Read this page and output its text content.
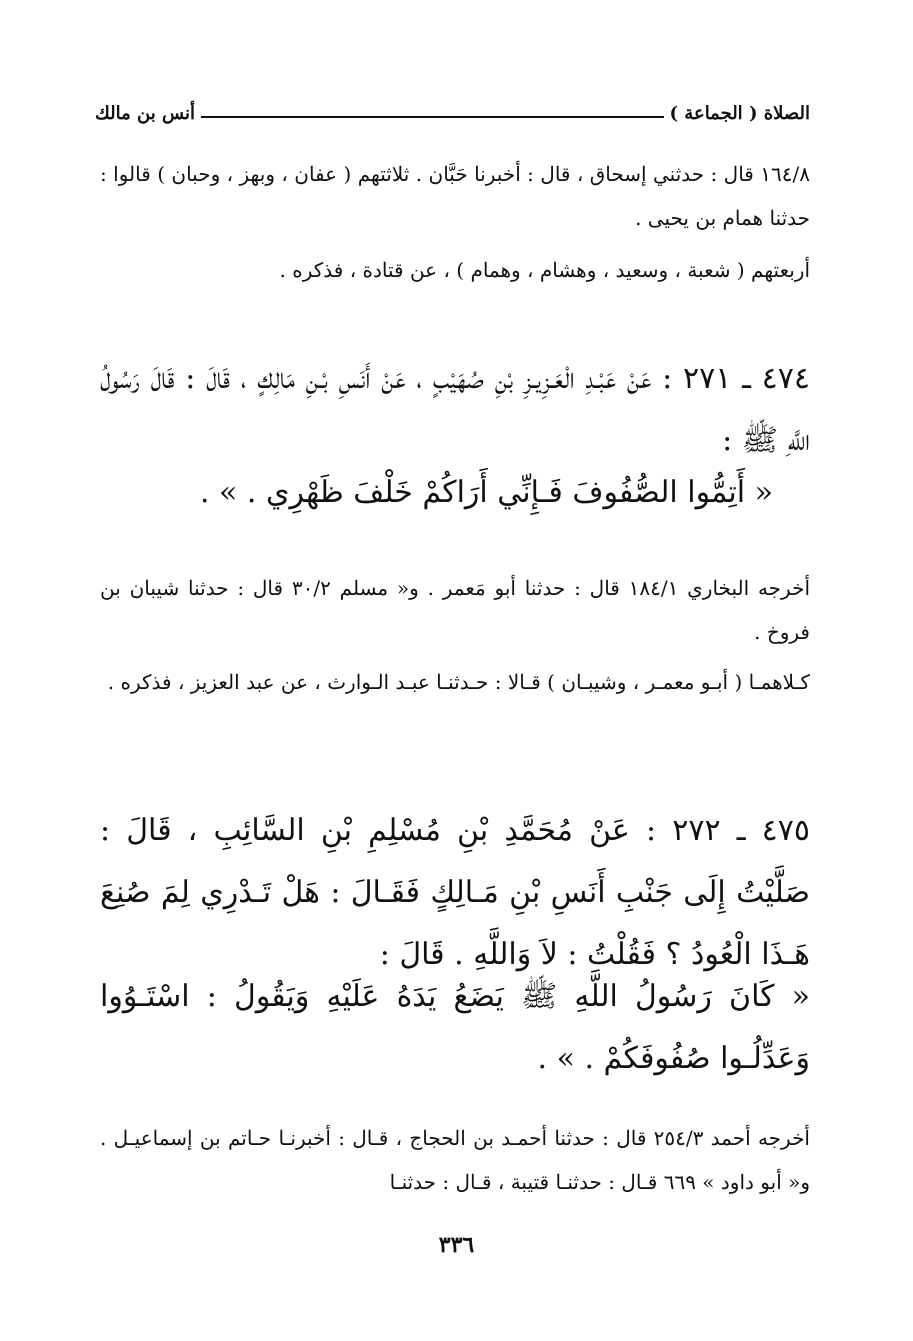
الصلاة ( الجماعة )
أنس بن مالك

١٦٤/٨ قال : حدثني إسحاق ، قال : أخبرنا حَبَّان . ثلاثتهم ( عفان ، وبهز ، وحبان ) قالوا : حدثنا همام بن يحيى .

أربعتهم ( شعبة ، وسعيد ، وهشام ، وهمام ) ، عن قتادة ، فذكره .

٤٧٤ ـ ٢٧١ : عَنْ عَبْـدِ الْعَـزِيـزِ بْنِ صُهَيْبٍ ، عَنْ أَنَسِ بْـنِ مَالِكٍ ، قَالَ : قَالَ رَسُولُ اللَّهِ ﷺ :

« أَتِمُّوا الصُّفُوفَ فَـإِنِّي أَرَاكُمْ خَلْفَ ظَهْرِي . » .

أخرجه البخاري ١٨٤/١ قال : حدثنا أبو مَعمر . و« مسلم ٣٠/٢ قال : حدثنا شيبان بن فروخ .

كـلاهمـا ( أبـو معمـر ، وشيبـان ) قـالا : حـدثنـا عبـد الـوارث ، عن عبد العزيز ، فذكره .

٤٧٥ ـ ٢٧٢ : عَنْ مُحَمَّدِ بْنِ مُسْلِمِ بْنِ السَّائِبِ ، قَالَ : صَلَّيْتُ إِلَى جَنْبِ أَنَسِ بْنِ مَـالِكٍ فَقَـالَ : هَلْ تَـدْرِي لِمَ صُنِعَ هَـذَا الْعُودُ ؟ فَقُلْتُ : لاَ وَاللَّهِ . قَالَ :

« كَانَ رَسُولُ اللَّهِ ﷺ يَضَعُ يَدَهُ عَلَيْهِ وَيَقُولُ : اسْتَـوُوا وَعَدِّلُـوا صُفُوفَكُمْ . » .

أخرجه أحمد ٢٥٤/٣ قال : حدثنا أحمـد بن الحجاج ، قـال : أخبرنـا حـاتم بن إسماعيـل . و« أبو داود » ٦٦٩ قـال : حدثنـا قتيبة ، قـال : حدثنـا

٣٣٦
